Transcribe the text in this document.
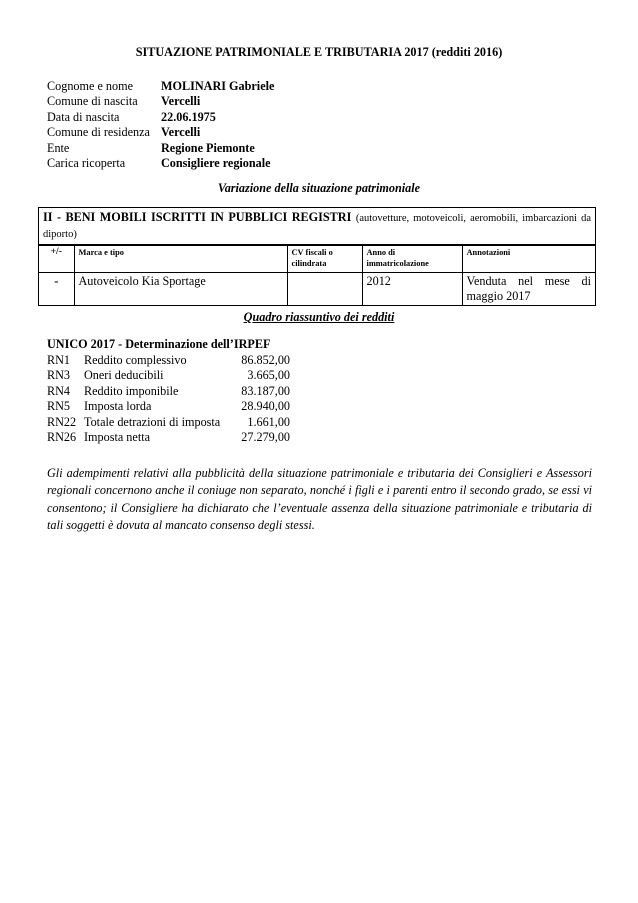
SITUAZIONE PATRIMONIALE E TRIBUTARIA 2017 (redditi 2016)
Cognome e nome	MOLINARI Gabriele
Comune di nascita	Vercelli
Data di nascita	22.06.1975
Comune di residenza	Vercelli
Ente	Regione Piemonte
Carica ricoperta	Consigliere regionale
Variazione della situazione patrimoniale
II - BENI MOBILI ISCRITTI IN PUBBLICI REGISTRI (autovetture, motoveicoli, aeromobili, imbarcazioni da diporto)
+/-	Marca e tipo	CV fiscali o cilindrata	Anno di immatricolazione	Annotazioni
-	Autoveicolo Kia Sportage		2012	Venduta nel mese di
maggio 2017
Quadro riassuntivo dei redditi
UNICO 2017 - Determinazione dell’IRPEF
RN1	Reddito complessivo	86.852,00
RN3	Oneri deducibili	3.665,00
RN4	Reddito imponibile	83.187,00
RN5	Imposta lorda	28.940,00
RN22	Totale detrazioni di imposta	1.661,00
RN26	Imposta netta	27.279,00
Gli adempimenti relativi alla pubblicità della situazione patrimoniale e tributaria dei Consiglieri e Assessori regionali concernono anche il coniuge non separato, nonché i figli e i parenti entro il secondo grado, se essi vi consentono; il Consigliere ha dichiarato che l’eventuale assenza della situazione patrimoniale e tributaria di tali soggetti è dovuta al mancato consenso degli stessi.
